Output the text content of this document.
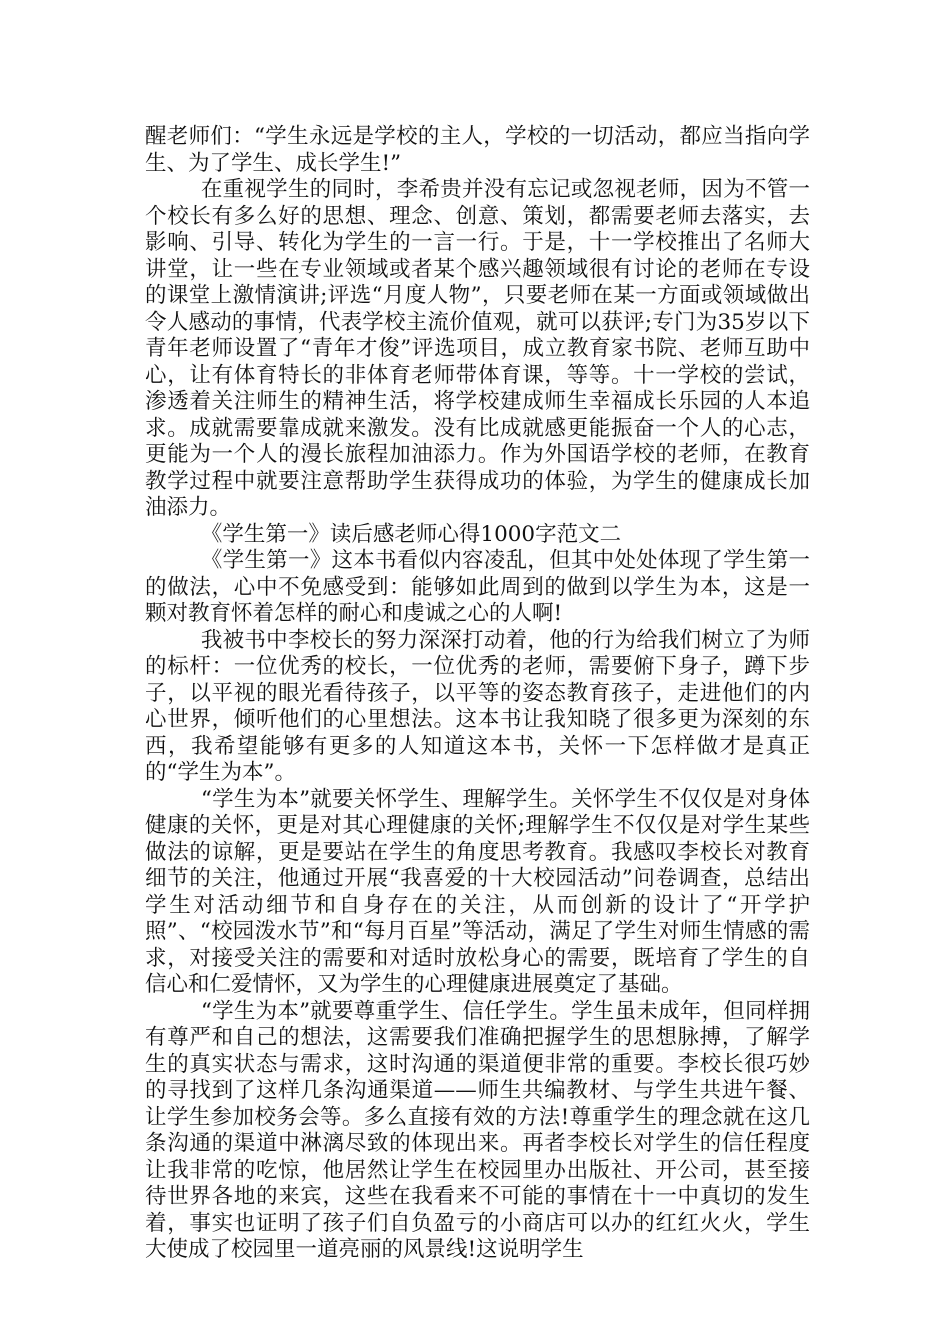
醒老师们：“学生永远是学校的主人，学校的一切活动，都应当指向学生、为了学生、成长学生!”

在重视学生的同时，李希贵并没有忘记或忽视老师，因为不管一个校长有多么好的思想、理念、创意、策划，都需要老师去落实，去影响、引导、转化为学生的一言一行。于是，十一学校推出了名师大讲堂，让一些在专业领域或者某个感兴趣领域很有讨论的老师在专设的课堂上激情演讲;评选“月度人物”，只要老师在某一方面或领域做出令人感动的事情，代表学校主流价值观，就可以获评;专门为35岁以下青年老师设置了“青年才俊”评选项目，成立教育家书院、老师互助中心，让有体育特长的非体育老师带体育课，等等。十一学校的尝试，渗透着关注师生的精神生活，将学校建成师生幸福成长乐园的人本追求。成就需要靠成就来激发。没有比成就感更能振奋一个人的心志，更能为一个人的漫长旅程加油添力。作为外国语学校的老师，在教育教学过程中就要注意帮助学生获得成功的体验，为学生的健康成长加油添力。

《学生第一》读后感老师心得1000字范文二

《学生第一》这本书看似内容凌乱，但其中处处体现了学生第一的做法，心中不免感受到：能够如此周到的做到以学生为本，这是一颗对教育怀着怎样的耐心和虔诚之心的人啊!

我被书中李校长的努力深深打动着，他的行为给我们树立了为师的标杆：一位优秀的校长，一位优秀的老师，需要俯下身子，蹲下步子，以平视的眼光看待孩子，以平等的姿态教育孩子，走进他们的内心世界，倾听他们的心里想法。这本书让我知晓了很多更为深刻的东西，我希望能够有更多的人知道这本书，关怀一下怎样做才是真正的“学生为本”。

“学生为本”就要关怀学生、理解学生。关怀学生不仅仅是对身体健康的关怀，更是对其心理健康的关怀;理解学生不仅仅是对学生某些做法的谅解，更是要站在学生的角度思考教育。我感叹李校长对教育细节的关注，他通过开展“我喜爱的十大校园活动”问卷调查，总结出学生对活动细节和自身存在的关注，从而创新的设计了“开学护照”、“校园泼水节”和“每月百星”等活动，满足了学生对师生情感的需求，对接受关注的需要和对适时放松身心的需要，既培育了学生的自信心和仁爱情怀，又为学生的心理健康进展奠定了基础。

“学生为本”就要尊重学生、信任学生。学生虽未成年，但同样拥有尊严和自己的想法，这需要我们准确把握学生的思想脉搏，了解学生的真实状态与需求，这时沟通的渠道便非常的重要。李校长很巧妙的寻找到了这样几条沟通渠道——师生共编教材、与学生共进午餐、让学生参加校务会等。多么直接有效的方法!尊重学生的理念就在这几条沟通的渠道中淋漓尽致的体现出来。再者李校长对学生的信任程度让我非常的吃惊，他居然让学生在校园里办出版社、开公司，甚至接待世界各地的来宾，这些在我看来不可能的事情在十一中真切的发生着，事实也证明了孩子们自负盈亏的小商店可以办的红红火火，学生大使成了校园里一道亮丽的风景线!这说明学生
